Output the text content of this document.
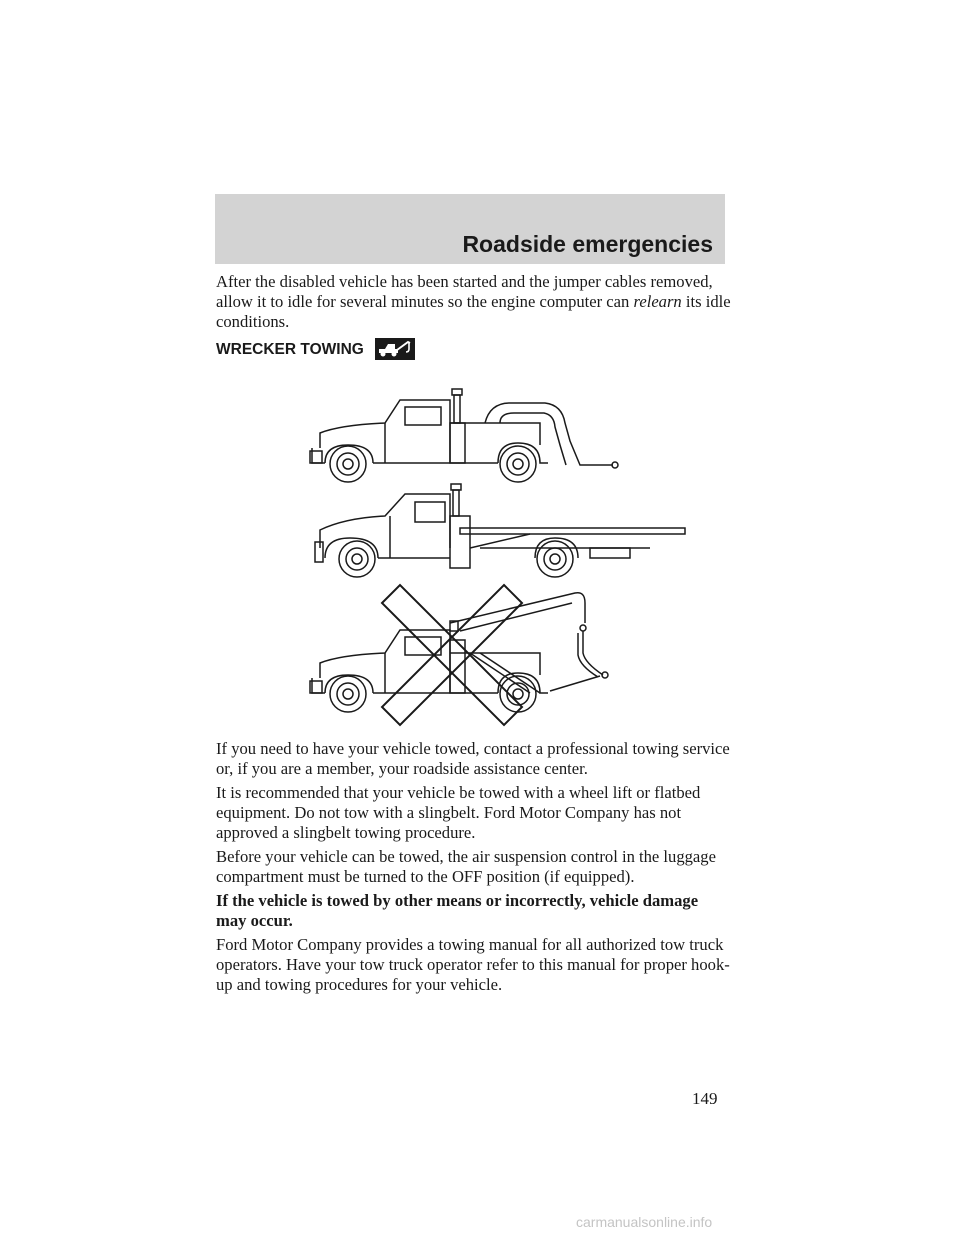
Roadside emergencies

After the disabled vehicle has been started and the jumper cables removed, allow it to idle for several minutes so the engine computer can relearn its idle conditions.

WRECKER TOWING

If you need to have your vehicle towed, contact a professional towing service or, if you are a member, your roadside assistance center.

It is recommended that your vehicle be towed with a wheel lift or flatbed equipment. Do not tow with a slingbelt. Ford Motor Company has not approved a slingbelt towing procedure.

Before your vehicle can be towed, the air suspension control in the luggage compartment must be turned to the OFF position (if equipped).

If the vehicle is towed by other means or incorrectly, vehicle damage may occur.

Ford Motor Company provides a towing manual for all authorized tow truck operators. Have your tow truck operator refer to this manual for proper hook-up and towing procedures for your vehicle.

149
carmanualsonline.info
